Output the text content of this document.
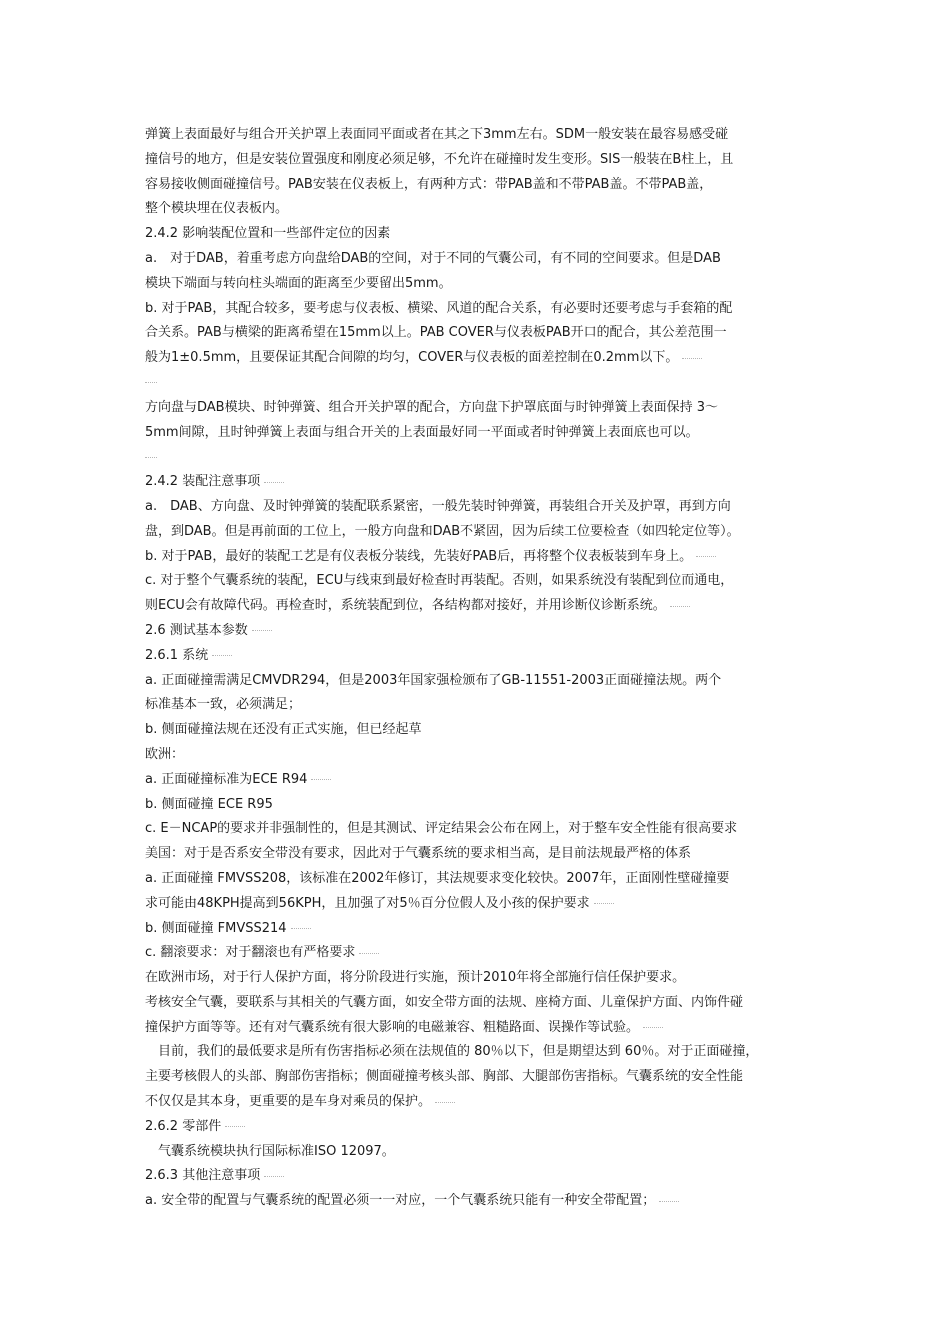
弹簧上表面最好与组合开关护罩上表面同平面或者在其之下3mm左右。SDM一般安装在最容易感受碰
撞信号的地方，但是安装位置强度和刚度必须足够，不允许在碰撞时发生变形。SIS一般装在B柱上，且
容易接收侧面碰撞信号。PAB安装在仪表板上，有两种方式：带PAB盖和不带PAB盖。不带PAB盖，
整个模块埋在仪表板内。
2.4.2 影响装配位置和一些部件定位的因素
a.　对于DAB，着重考虑方向盘给DAB的空间，对于不同的气囊公司，有不同的空间要求。但是DAB
模块下端面与转向柱头端面的距离至少要留出5mm。
b. 对于PAB，其配合较多，要考虑与仪表板、横梁、风道的配合关系，有必要时还要考虑与手套箱的配
合关系。PAB与横梁的距离希望在15mm以上。PAB COVER与仪表板PAB开口的配合，其公差范围一
般为1±0.5mm，且要保证其配合间隙的均匀，COVER与仪表板的面差控制在0.2mm以下。
方向盘与DAB模块、时钟弹簧、组合开关护罩的配合，方向盘下护罩底面与时钟弹簧上表面保持 3～
5mm间隙，且时钟弹簧上表面与组合开关的上表面最好同一平面或者时钟弹簧上表面底也可以。
2.4.2 装配注意事项
a.　DAB、方向盘、及时钟弹簧的装配联系紧密，一般先装时钟弹簧，再装组合开关及护罩，再到方向
盘，到DAB。但是再前面的工位上，一般方向盘和DAB不紧固，因为后续工位要检查（如四轮定位等）。
b. 对于PAB，最好的装配工艺是有仪表板分装线，先装好PAB后，再将整个仪表板装到车身上。
c. 对于整个气囊系统的装配，ECU与线束到最好检查时再装配。否则，如果系统没有装配到位而通电，
则ECU会有故障代码。再检查时，系统装配到位，各结构都对接好，并用诊断仪诊断系统。
2.6 测试基本参数
2.6.1 系统
a. 正面碰撞需满足CMVDR294，但是2003年国家强检颁布了GB-11551-2003正面碰撞法规。两个
标准基本一致，必须满足；
b. 侧面碰撞法规在还没有正式实施，但已经起草
欧洲：
a. 正面碰撞标准为ECE R94
b. 侧面碰撞 ECE R95
c. E－NCAP的要求并非强制性的，但是其测试、评定结果会公布在网上，对于整车安全性能有很高要求
美国：对于是否系安全带没有要求，因此对于气囊系统的要求相当高，是目前法规最严格的体系
a. 正面碰撞 FMVSS208，该标准在2002年修订，其法规要求变化较快。2007年，正面刚性壁碰撞要
求可能由48KPH提高到56KPH，且加强了对5％百分位假人及小孩的保护要求
b. 侧面碰撞 FMVSS214
c. 翻滚要求：对于翻滚也有严格要求
在欧洲市场，对于行人保护方面，将分阶段进行实施，预计2010年将全部施行信任保护要求。
考核安全气囊，要联系与其相关的气囊方面，如安全带方面的法规、座椅方面、儿童保护方面、内饰件碰
撞保护方面等等。还有对气囊系统有很大影响的电磁兼容、粗糙路面、误操作等试验。
　目前，我们的最低要求是所有伤害指标必须在法规值的 80％以下，但是期望达到 60％。对于正面碰撞，
主要考核假人的头部、胸部伤害指标；侧面碰撞考核头部、胸部、大腿部伤害指标。气囊系统的安全性能
不仅仅是其本身，更重要的是车身对乘员的保护。
2.6.2 零部件
　气囊系统模块执行国际标准ISO 12097。
2.6.3 其他注意事项
a. 安全带的配置与气囊系统的配置必须一一对应，一个气囊系统只能有一种安全带配置；
